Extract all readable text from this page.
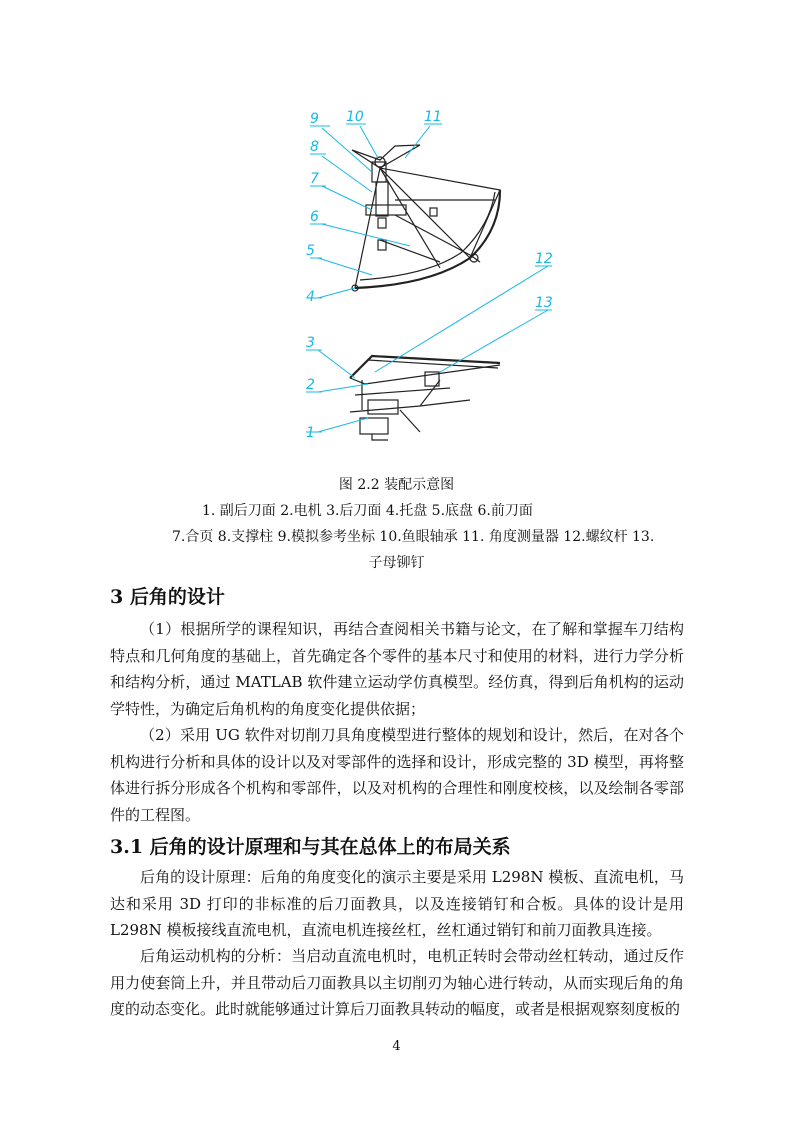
9 10	11
8
7
6
5
4
12
13
3
2
1
图 2.2 装配示意图
1. 副后刀面 2.电机 3.后刀面 4.托盘 5.底盘 6.前刀面
7.合页 8.支撑柱 9.模拟参考坐标 10.鱼眼轴承 11. 角度测量器 12.螺纹杆 13.
子母铆钉
3 后角的设计

（1）根据所学的课程知识，再结合查阅相关书籍与论文，在了解和掌握车刀结构特点和几何角度的基础上，首先确定各个零件的基本尺寸和使用的材料，进行力学分析和结构分析，通过 MATLAB 软件建立运动学仿真模型。经仿真，得到后角机构的运动学特性，为确定后角机构的角度变化提供依据；

（2）采用 UG 软件对切削刀具角度模型进行整体的规划和设计，然后，在对各个机构进行分析和具体的设计以及对零部件的选择和设计，形成完整的 3D 模型，再将整体进行拆分形成各个机构和零部件，以及对机构的合理性和刚度校核，以及绘制各零部件的工程图。

3.1 后角的设计原理和与其在总体上的布局关系

后角的设计原理：后角的角度变化的演示主要是采用 L298N 模板、直流电机，马达和采用 3D 打印的非标准的后刀面教具，以及连接销钉和合板。具体的设计是用 L298N 模板接线直流电机，直流电机连接丝杠，丝杠通过销钉和前刀面教具连接。

后角运动机构的分析：当启动直流电机时，电机正转时会带动丝杠转动，通过反作用力使套筒上升，并且带动后刀面教具以主切削刃为轴心进行转动，从而实现后角的角度的动态变化。此时就能够通过计算后刀面教具转动的幅度，或者是根据观察刻度板的

4
